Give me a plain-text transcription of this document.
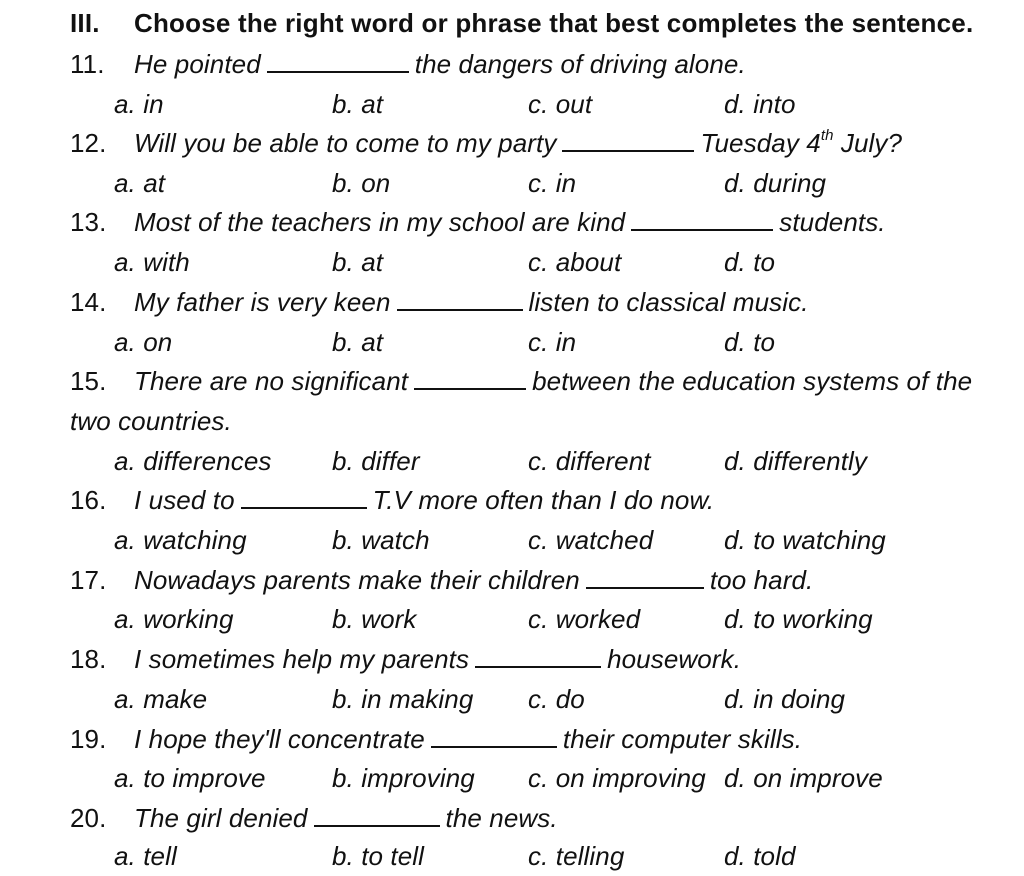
III. Choose the right word or phrase that best completes the sentence.
11. He pointed	the dangers of driving alone.
a. in	b. at	c. out	d. into
12. Will you be able to come to my party	Tuesday 4th July?
a. at	b. on	c. in	d. during
13. Most of the teachers in my school are kind	students.
a. with	b. at	c. about	d. to
14. My father is very keen	listen to classical music.
a. on	b. at	c. in	d. to
15. There are no significant	between the education systems of the
two countries.
a. differences b. differ	c. different	d. differently
16. I used to	T.V more often than I do now.
a. watching	b. watch	c. watched	d. to watching
17. Nowadays parents make their children	too hard.
a. working	b. work	c. worked	d. to working
18. I sometimes help my parents	housework.
a. make	b. in making c. do	d. in doing
19. I hope they'll concentrate	their computer skills.
a. to improve	b. improving c. on improving d. on improve
20. The girl denied	the news.
a. tell	b. to tell	c. telling	d. told
